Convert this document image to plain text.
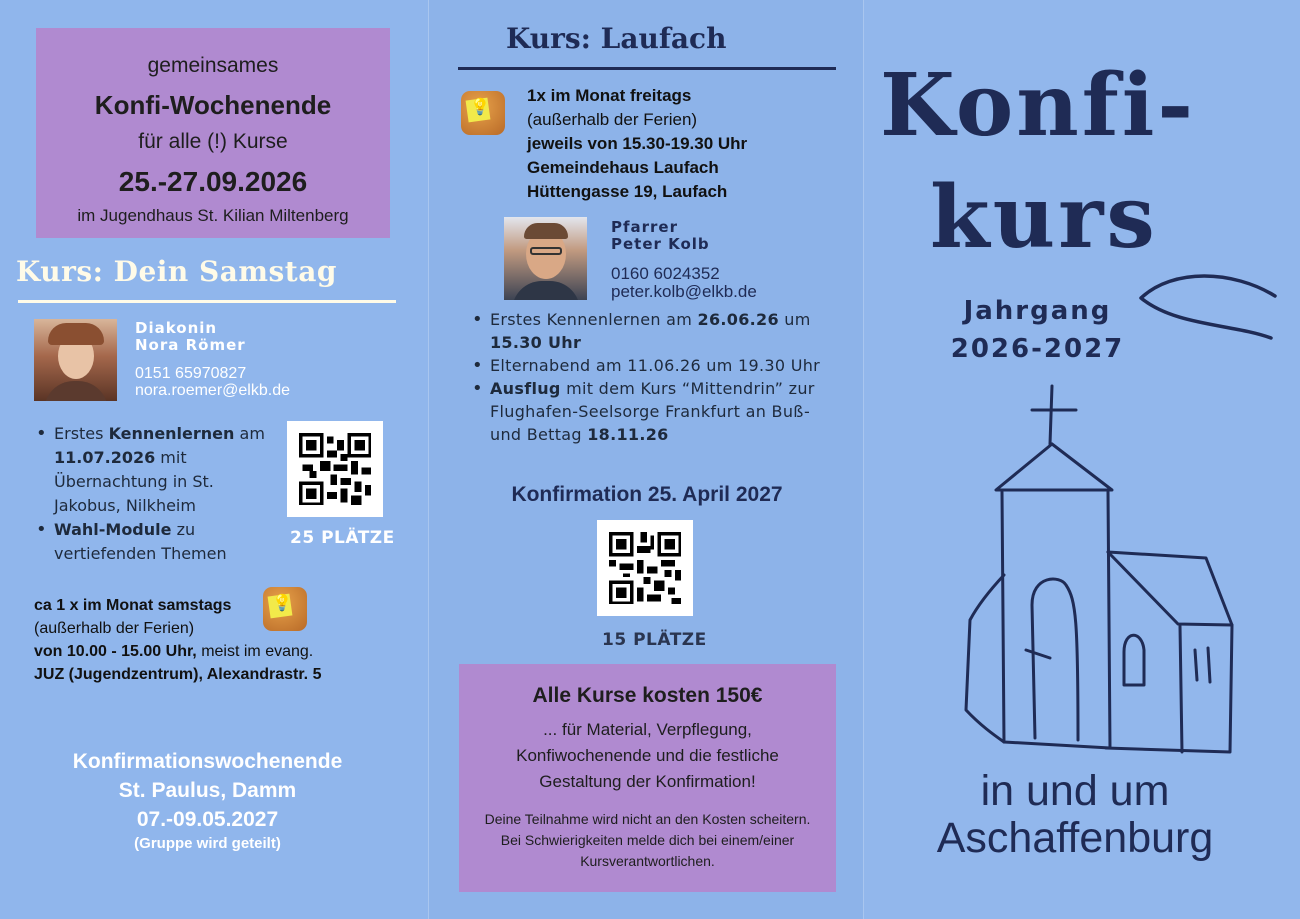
gemeinsames
Konfi-Wochenende
für alle (!) Kurse
25.-27.09.2026
im Jugendhaus St. Kilian Miltenberg
Kurs: Dein Samstag
Diakonin
Nora Römer
0151 65970827
nora.roemer@elkb.de
• Erstes Kennenlernen am 11.07.2026 mit Übernachtung in St. Jakobus, Nilkheim
• Wahl-Module zu vertiefenden Themen
25 PLÄTZE
ca 1 x im Monat samstags
(außerhalb der Ferien)
von 10.00 - 15.00 Uhr, meist im evang.
JUZ (Jugendzentrum), Alexandrastr. 5
💡
Konfirmationswochenende
St. Paulus, Damm
07.-09.05.2027
(Gruppe wird geteilt)
Kurs: Laufach
💡
1x im Monat freitags
(außerhalb der Ferien)
jeweils von 15.30-19.30 Uhr
Gemeindehaus Laufach
Hüttengasse 19, Laufach
Pfarrer
Peter Kolb
0160 6024352
peter.kolb@elkb.de
• Erstes Kennenlernen am 26.06.26 um 15.30 Uhr
• Elternabend am 11.06.26 um 19.30 Uhr
• Ausflug mit dem Kurs “Mittendrin” zur Flughafen-Seelsorge Frankfurt an Buß- und Bettag 18.11.26
Konfirmation 25. April 2027
15 PLÄTZE
Alle Kurse kosten 150€
... für Material, Verpflegung, Konfiwochenende und die festliche Gestaltung der Konfirmation!
Deine Teilnahme wird nicht an den Kosten scheitern. Bei Schwierigkeiten melde dich bei einem/einer Kursverantwortlichen.
Konfi-
kurs
Jahrgang
2026-2027
in und um
Aschaffenburg
